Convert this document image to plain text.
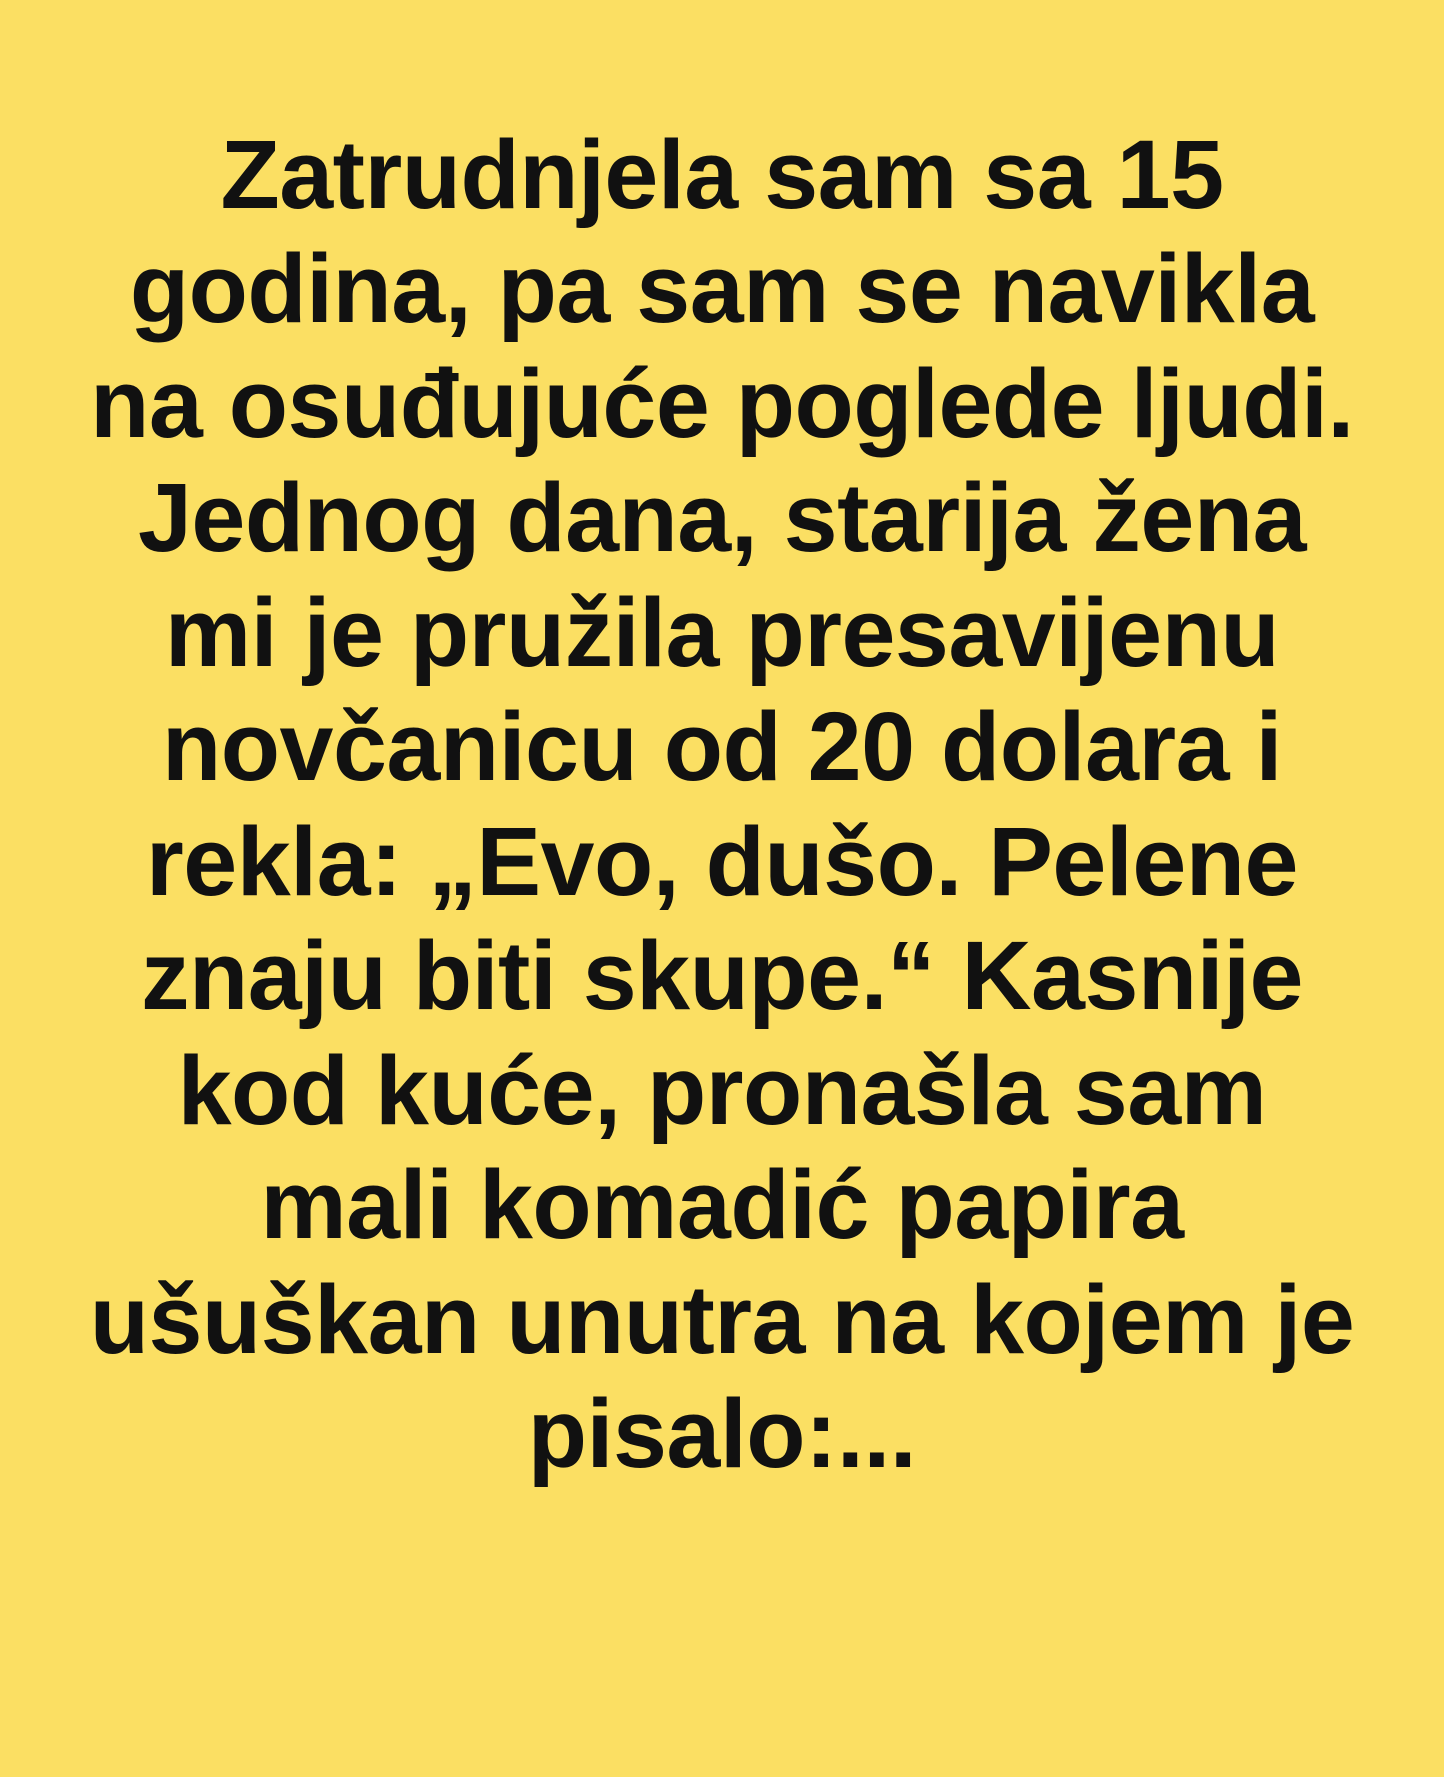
Zatrudnjela sam sa 15 godina, pa sam se navikla na osuđujuće poglede ljudi. Jednog dana, starija žena mi je pružila presavijenu novčanicu od 20 dolara i rekla: „Evo, dušo. Pelene znaju biti skupe.“ Kasnije kod kuće, pronašla sam mali komadić papira ušuškan unutra na kojem je pisalo:...
